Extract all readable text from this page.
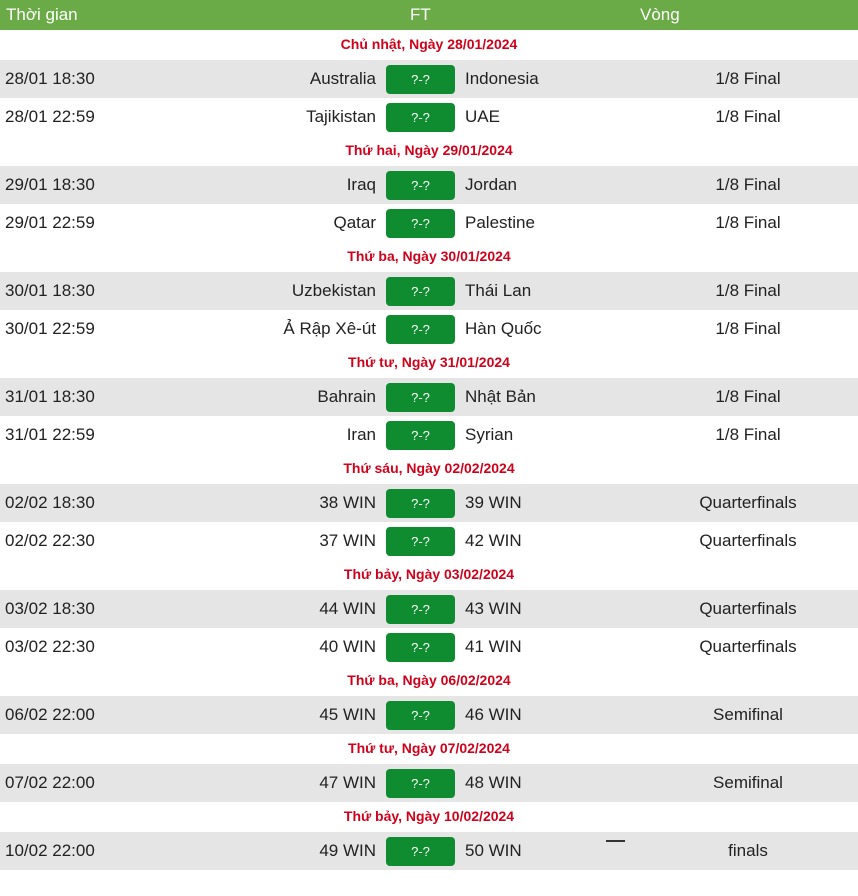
Thời gian	FT	Vòng
Chủ nhật, Ngày 28/01/2024
28/01 18:30	Australia	?-?	Indonesia	1/8 Final
28/01 22:59	Tajikistan	?-?	UAE	1/8 Final
Thứ hai, Ngày 29/01/2024
29/01 18:30	Iraq	?-?	Jordan	1/8 Final
29/01 22:59	Qatar	?-?	Palestine	1/8 Final
Thứ ba, Ngày 30/01/2024
30/01 18:30	Uzbekistan	?-?	Thái Lan	1/8 Final
30/01 22:59	Ả Rập Xê-út	?-?	Hàn Quốc	1/8 Final
Thứ tư, Ngày 31/01/2024
31/01 18:30	Bahrain	?-?	Nhật Bản	1/8 Final
31/01 22:59	Iran	?-?	Syrian	1/8 Final
Thứ sáu, Ngày 02/02/2024
02/02 18:30	38 WIN	?-?	39 WIN	Quarterfinals
02/02 22:30	37 WIN	?-?	42 WIN	Quarterfinals
Thứ bảy, Ngày 03/02/2024
03/02 18:30	44 WIN	?-?	43 WIN	Quarterfinals
03/02 22:30	40 WIN	?-?	41 WIN	Quarterfinals
Thứ ba, Ngày 06/02/2024
06/02 22:00	45 WIN	?-?	46 WIN	Semifinal
Thứ tư, Ngày 07/02/2024
07/02 22:00	47 WIN	?-?	48 WIN	Semifinal
Thứ bảy, Ngày 10/02/2024
10/02 22:00	49 WIN	?-?	50 WIN	finals
